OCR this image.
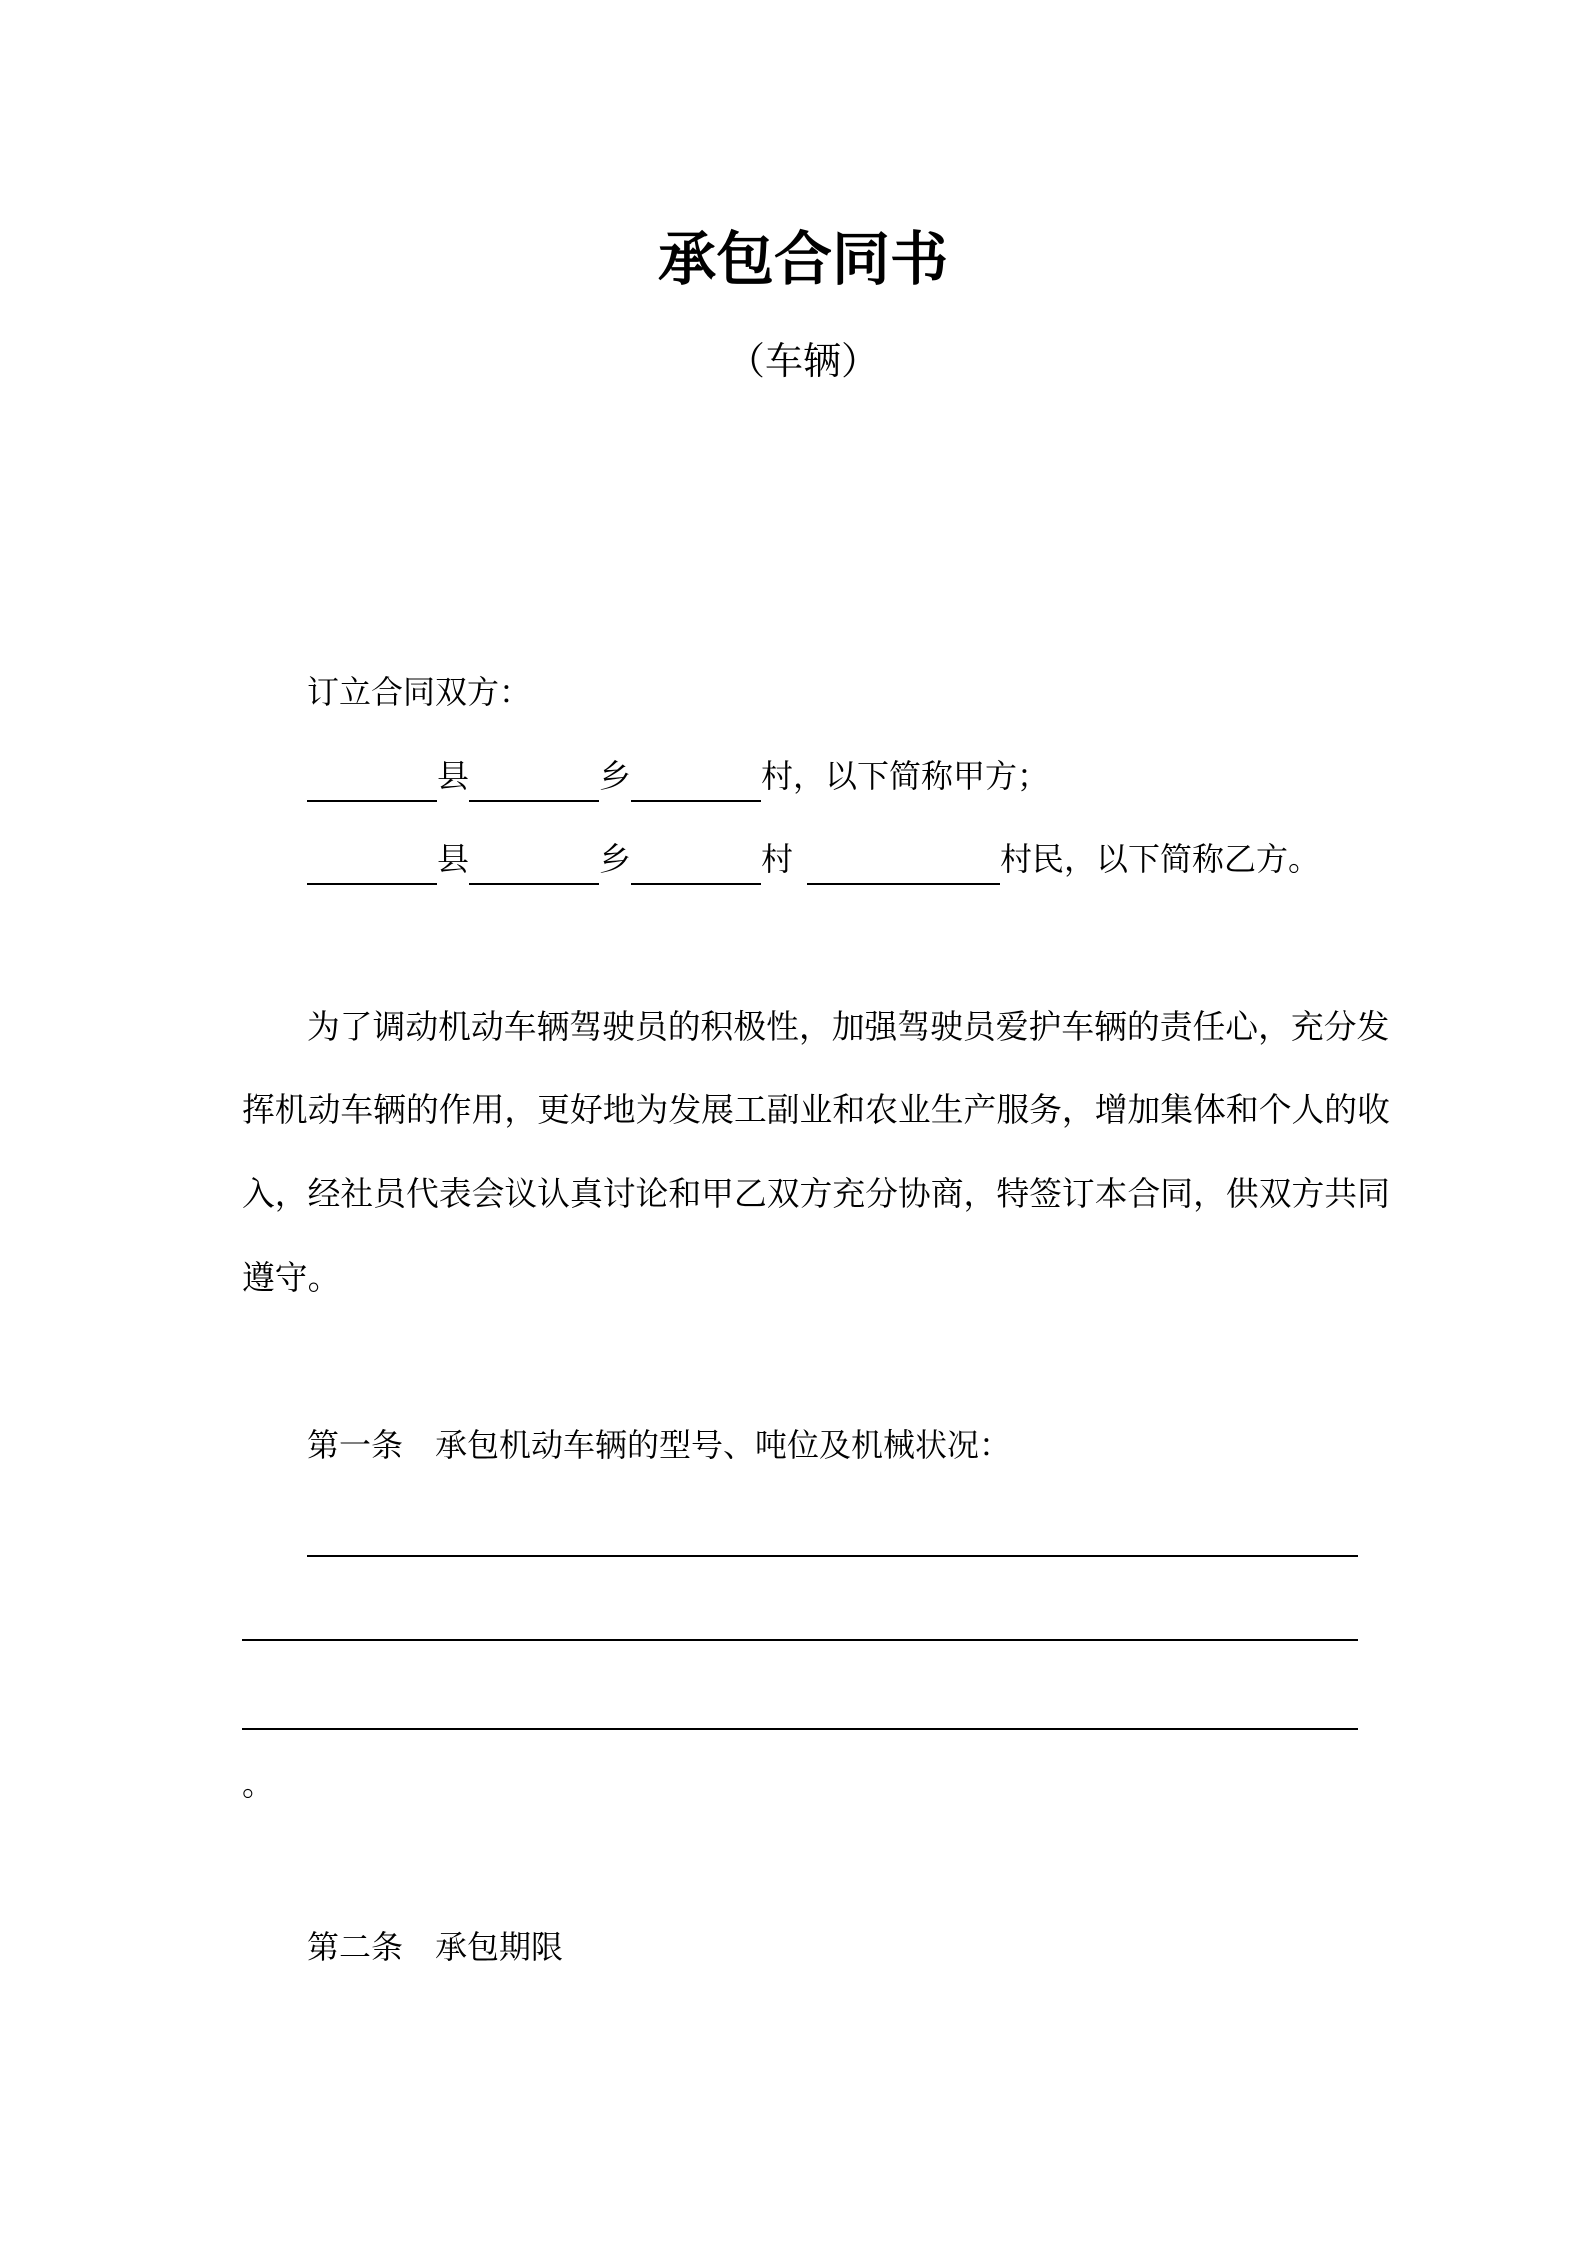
承包合同书
（车辆）
订立合同双方：
县	乡	村，以下简称甲方；
县	乡	村	村民，以下简称乙方。
为了调动机动车辆驾驶员的积极性，加强驾驶员爱护车辆的责任心，充分发
挥机动车辆的作用，更好地为发展工副业和农业生产服务，增加集体和个人的收
入，经社员代表会议认真讨论和甲乙双方充分协商，特签订本合同，供双方共同
遵守。
第一条 承包机动车辆的型号、吨位及机械状况：
。
第二条 承包期限
